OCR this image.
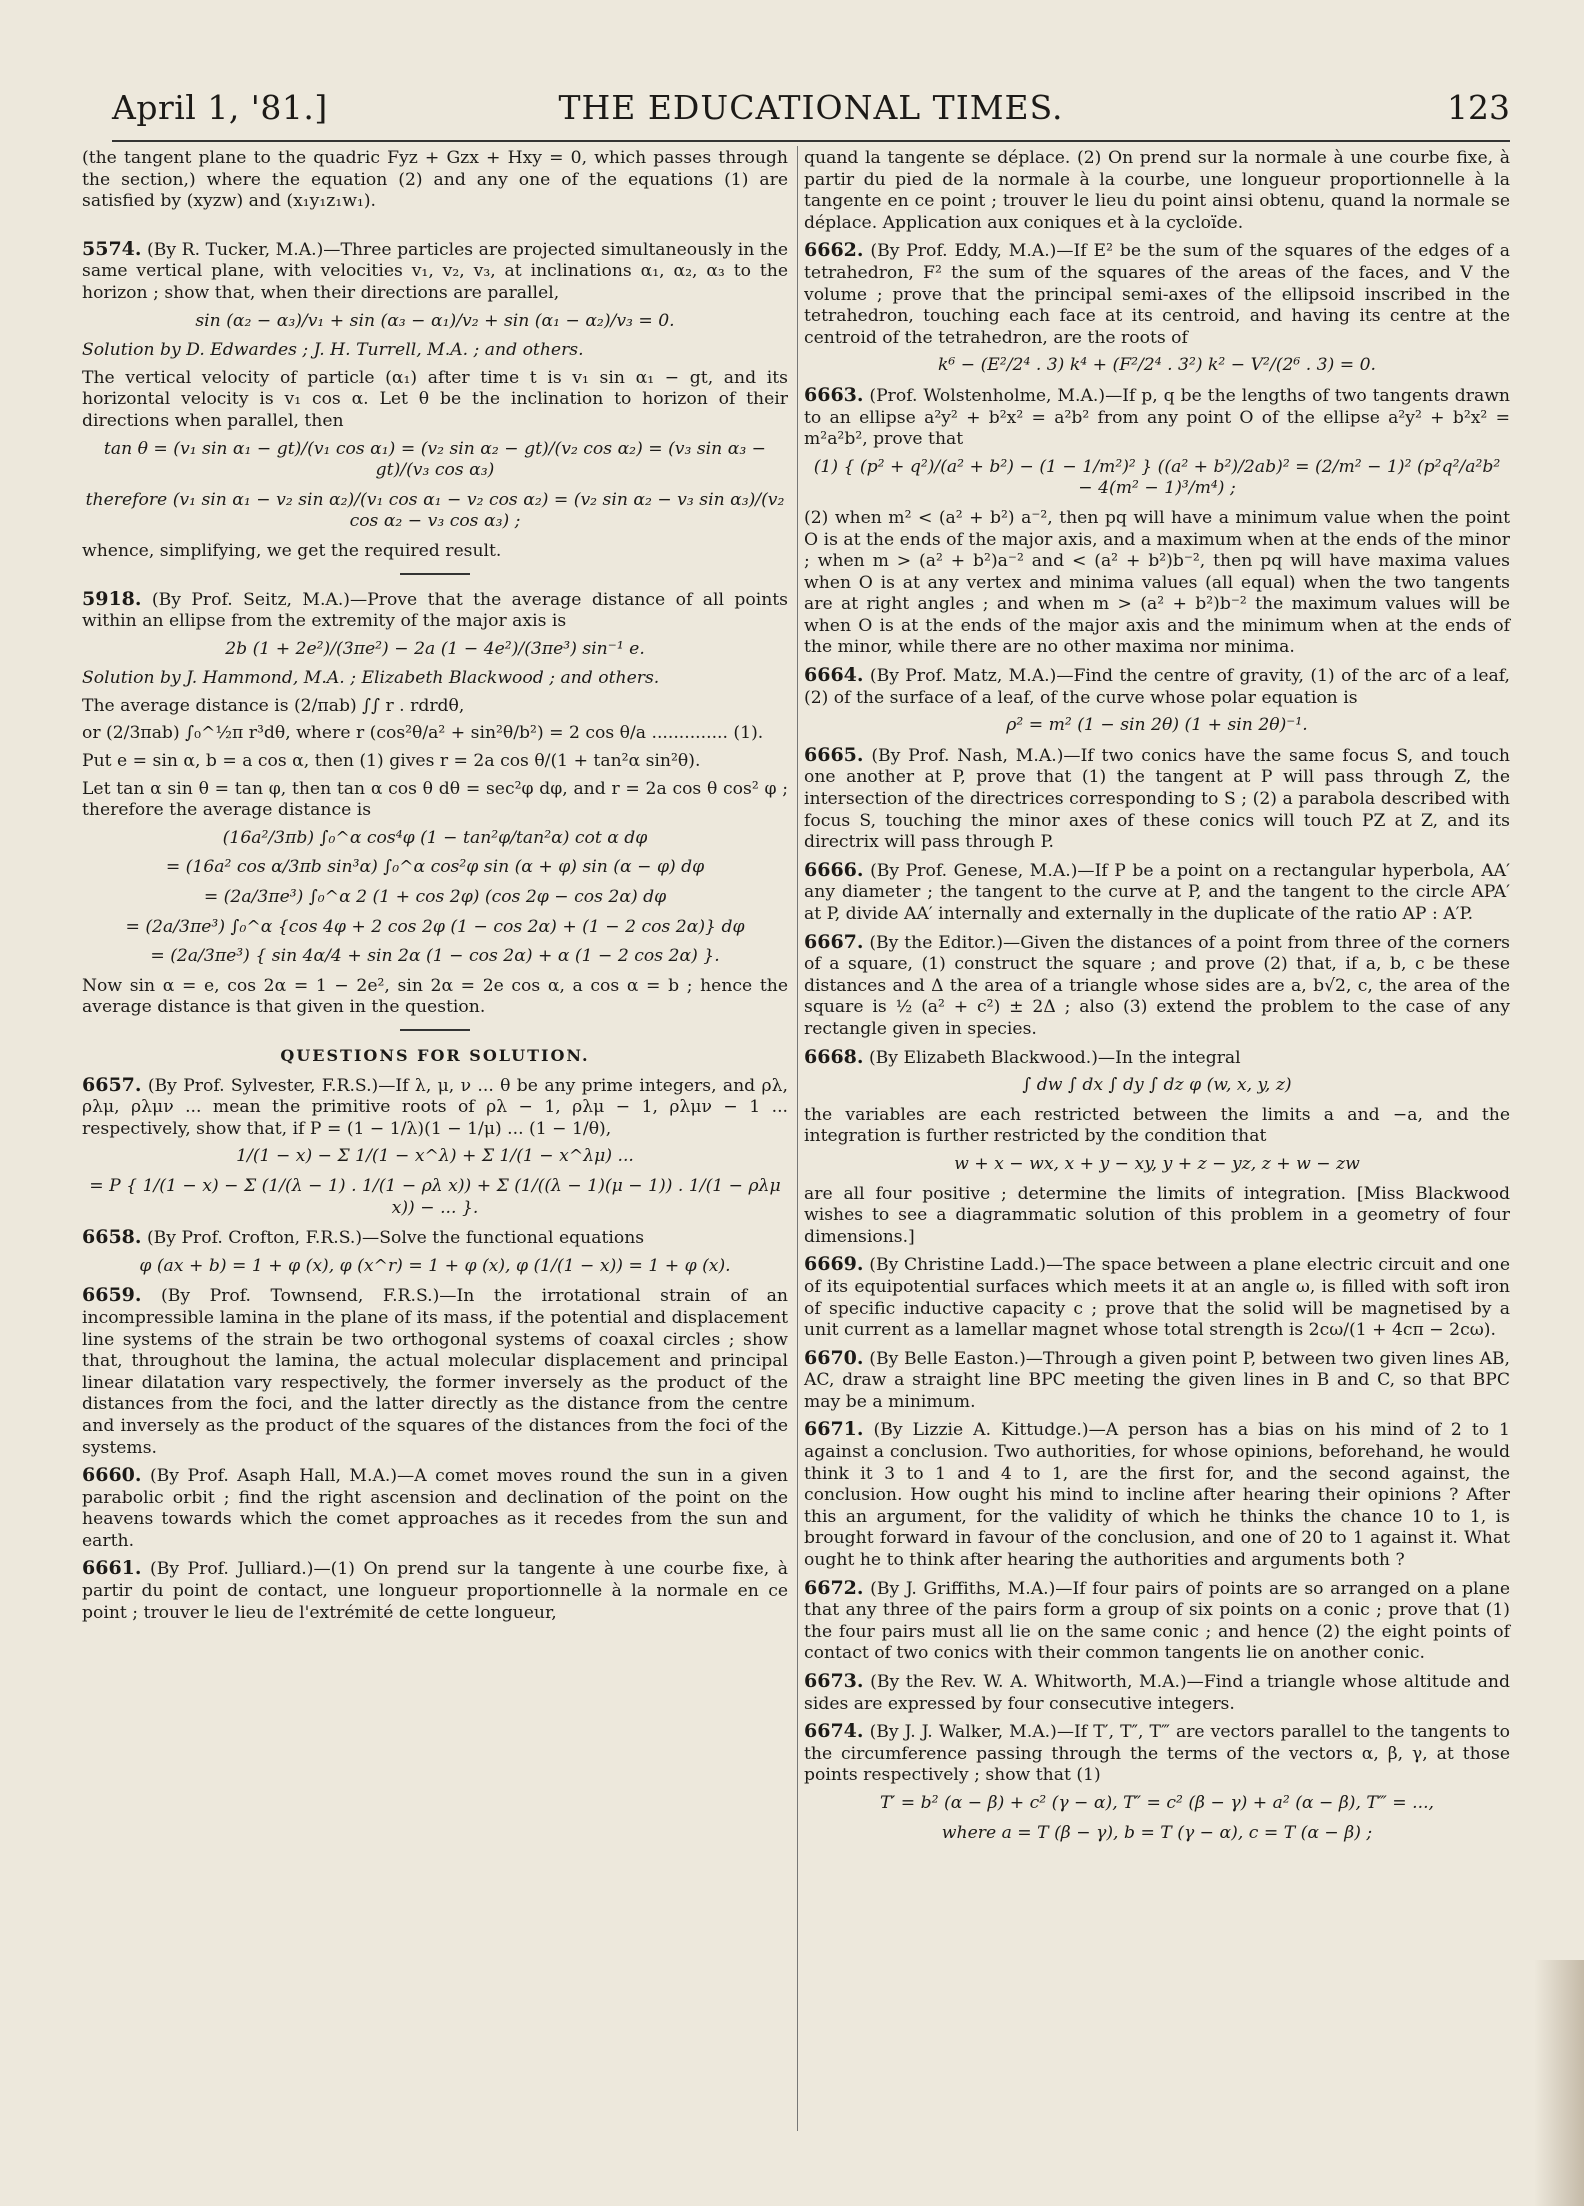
April 1, '81.]	THE EDUCATIONAL TIMES.	123

(the tangent plane to the quadric Fyz + Gzx + Hxy = 0, which passes through the section,) where the equation (2) and any one of the equations (1) are satisfied by (xyzw) and (x₁y₁z₁w₁).

5574. (By R. Tucker, M.A.)—Three particles are projected simultaneously in the same vertical plane, with velocities v₁, v₂, v₃, at inclinations α₁, α₂, α₃ to the horizon ; show that, when their directions are parallel,

sin (α₂ − α₃)/v₁ + sin (α₃ − α₁)/v₂ + sin (α₁ − α₂)/v₃ = 0.

Solution by D. Edwardes ; J. H. Turrell, M.A. ; and others.

The vertical velocity of particle (α₁) after time t is v₁ sin α₁ − gt, and its horizontal velocity is v₁ cos α. Let θ be the inclination to horizon of their directions when parallel, then

tan θ = (v₁ sin α₁ − gt)/(v₁ cos α₁) = (v₂ sin α₂ − gt)/(v₂ cos α₂) = (v₃ sin α₃ − gt)/(v₃ cos α₃)
therefore (v₁ sin α₁ − v₂ sin α₂)/(v₁ cos α₁ − v₂ cos α₂) = (v₂ sin α₂ − v₃ sin α₃)/(v₂ cos α₂ − v₃ cos α₃) ;

whence, simplifying, we get the required result.

5918. (By Prof. Seitz, M.A.)—Prove that the average distance of all points within an ellipse from the extremity of the major axis is

2b (1 + 2e²)/(3πe²) − 2a (1 − 4e²)/(3πe³) sin⁻¹ e.

Solution by J. Hammond, M.A. ; Elizabeth Blackwood ; and others.

The average distance is (2/πab) ∫∫ r . rdrdθ,

or (2/3πab) ∫₀^½π r³dθ, where r (cos²θ/a² + sin²θ/b²) = 2 cos θ/a .............. (1).

Put e = sin α, b = a cos α, then (1) gives r = 2a cos θ/(1 + tan²α sin²θ).

Let tan α sin θ = tan φ, then tan α cos θ dθ = sec²φ dφ, and r = 2a cos θ cos² φ ; therefore the average distance is

(16a²/3πb) ∫₀^α cos⁴φ (1 − tan²φ/tan²α) cot α dφ
= (16a² cos α/3πb sin³α) ∫₀^α cos²φ sin (α + φ) sin (α − φ) dφ
= (2a/3πe³) ∫₀^α 2 (1 + cos 2φ) (cos 2φ − cos 2α) dφ
= (2a/3πe³) ∫₀^α {cos 4φ + 2 cos 2φ (1 − cos 2α) + (1 − 2 cos 2α)} dφ
= (2a/3πe³) { sin 4α/4 + sin 2α (1 − cos 2α) + α (1 − 2 cos 2α) }.

Now sin α = e, cos 2α = 1 − 2e², sin 2α = 2e cos α, a cos α = b ; hence the average distance is that given in the question.

QUESTIONS FOR SOLUTION.

6657. (By Prof. Sylvester, F.R.S.)—If λ, μ, ν ... θ be any prime integers, and ρλ, ρλμ, ρλμν ... mean the primitive roots of ρλ − 1, ρλμ − 1, ρλμν − 1 ... respectively, show that, if P = (1 − 1/λ)(1 − 1/μ) ... (1 − 1/θ),

1/(1 − x) − Σ 1/(1 − x^λ) + Σ 1/(1 − x^λμ) ...
= P { 1/(1 − x) − Σ (1/(λ − 1) . 1/(1 − ρλ x)) + Σ (1/((λ − 1)(μ − 1)) . 1/(1 − ρλμ x)) − ... }.

6658. (By Prof. Crofton, F.R.S.)—Solve the functional equations

φ (ax + b) = 1 + φ (x), φ (x^r) = 1 + φ (x), φ (1/(1 − x)) = 1 + φ (x).

6659. (By Prof. Townsend, F.R.S.)—In the irrotational strain of an incompressible lamina in the plane of its mass, if the potential and displacement line systems of the strain be two orthogonal systems of coaxal circles ; show that, throughout the lamina, the actual molecular displacement and principal linear dilatation vary respectively, the former inversely as the product of the distances from the foci, and the latter directly as the distance from the centre and inversely as the product of the squares of the distances from the foci of the systems.

6660. (By Prof. Asaph Hall, M.A.)—A comet moves round the sun in a given parabolic orbit ; find the right ascension and declination of the point on the heavens towards which the comet approaches as it recedes from the sun and earth.

6661. (By Prof. Julliard.)—(1) On prend sur la tangente à une courbe fixe, à partir du point de contact, une longueur proportionnelle à la normale en ce point ; trouver le lieu de l'extrémité de cette longueur,

quand la tangente se déplace. (2) On prend sur la normale à une courbe fixe, à partir du pied de la normale à la courbe, une longueur proportionnelle à la tangente en ce point ; trouver le lieu du point ainsi obtenu, quand la normale se déplace. Application aux coniques et à la cycloïde.

6662. (By Prof. Eddy, M.A.)—If E² be the sum of the squares of the edges of a tetrahedron, F² the sum of the squares of the areas of the faces, and V the volume ; prove that the principal semi-axes of the ellipsoid inscribed in the tetrahedron, touching each face at its centroid, and having its centre at the centroid of the tetrahedron, are the roots of

k⁶ − (E²/2⁴ . 3) k⁴ + (F²/2⁴ . 3²) k² − V²/(2⁶ . 3) = 0.

6663. (Prof. Wolstenholme, M.A.)—If p, q be the lengths of two tangents drawn to an ellipse a²y² + b²x² = a²b² from any point O of the ellipse a²y² + b²x² = m²a²b², prove that

(1) { (p² + q²)/(a² + b²) − (1 − 1/m²)² } ((a² + b²)/2ab)² = (2/m² − 1)² (p²q²/a²b² − 4(m² − 1)³/m⁴) ;

(2) when m² < (a² + b²) a⁻², then pq will have a minimum value when the point O is at the ends of the major axis, and a maximum when at the ends of the minor ; when m > (a² + b²)a⁻² and < (a² + b²)b⁻², then pq will have maxima values when O is at any vertex and minima values (all equal) when the two tangents are at right angles ; and when m > (a² + b²)b⁻² the maximum values will be when O is at the ends of the major axis and the minimum when at the ends of the minor, while there are no other maxima nor minima.

6664. (By Prof. Matz, M.A.)—Find the centre of gravity, (1) of the arc of a leaf, (2) of the surface of a leaf, of the curve whose polar equation is

ρ² = m² (1 − sin 2θ) (1 + sin 2θ)⁻¹.

6665. (By Prof. Nash, M.A.)—If two conics have the same focus S, and touch one another at P, prove that (1) the tangent at P will pass through Z, the intersection of the directrices corresponding to S ; (2) a parabola described with focus S, touching the minor axes of these conics will touch PZ at Z, and its directrix will pass through P.

6666. (By Prof. Genese, M.A.)—If P be a point on a rectangular hyperbola, AA′ any diameter ; the tangent to the curve at P, and the tangent to the circle APA′ at P, divide AA′ internally and externally in the duplicate of the ratio AP : A′P.

6667. (By the Editor.)—Given the distances of a point from three of the corners of a square, (1) construct the square ; and prove (2) that, if a, b, c be these distances and Δ the area of a triangle whose sides are a, b√2, c, the area of the square is ½ (a² + c²) ± 2Δ ; also (3) extend the problem to the case of any rectangle given in species.

6668. (By Elizabeth Blackwood.)—In the integral

∫ dw ∫ dx ∫ dy ∫ dz φ (w, x, y, z)

the variables are each restricted between the limits a and −a, and the integration is further restricted by the condition that

w + x − wx, x + y − xy, y + z − yz, z + w − zw

are all four positive ; determine the limits of integration. [Miss Blackwood wishes to see a diagrammatic solution of this problem in a geometry of four dimensions.]

6669. (By Christine Ladd.)—The space between a plane electric circuit and one of its equipotential surfaces which meets it at an angle ω, is filled with soft iron of specific inductive capacity c ; prove that the solid will be magnetised by a unit current as a lamellar magnet whose total strength is 2cω/(1 + 4cπ − 2cω).

6670. (By Belle Easton.)—Through a given point P, between two given lines AB, AC, draw a straight line BPC meeting the given lines in B and C, so that BPC may be a minimum.

6671. (By Lizzie A. Kittudge.)—A person has a bias on his mind of 2 to 1 against a conclusion. Two authorities, for whose opinions, beforehand, he would think it 3 to 1 and 4 to 1, are the first for, and the second against, the conclusion. How ought his mind to incline after hearing their opinions ? After this an argument, for the validity of which he thinks the chance 10 to 1, is brought forward in favour of the conclusion, and one of 20 to 1 against it. What ought he to think after hearing the authorities and arguments both ?

6672. (By J. Griffiths, M.A.)—If four pairs of points are so arranged on a plane that any three of the pairs form a group of six points on a conic ; prove that (1) the four pairs must all lie on the same conic ; and hence (2) the eight points of contact of two conics with their common tangents lie on another conic.

6673. (By the Rev. W. A. Whitworth, M.A.)—Find a triangle whose altitude and sides are expressed by four consecutive integers.

6674. (By J. J. Walker, M.A.)—If T′, T″, T‴ are vectors parallel to the tangents to the circumference passing through the terms of the vectors α, β, γ, at those points respectively ; show that (1)

T′ = b² (α − β) + c² (γ − α), T″ = c² (β − γ) + a² (α − β), T‴ = ...,
where a = T (β − γ), b = T (γ − α), c = T (α − β) ;
